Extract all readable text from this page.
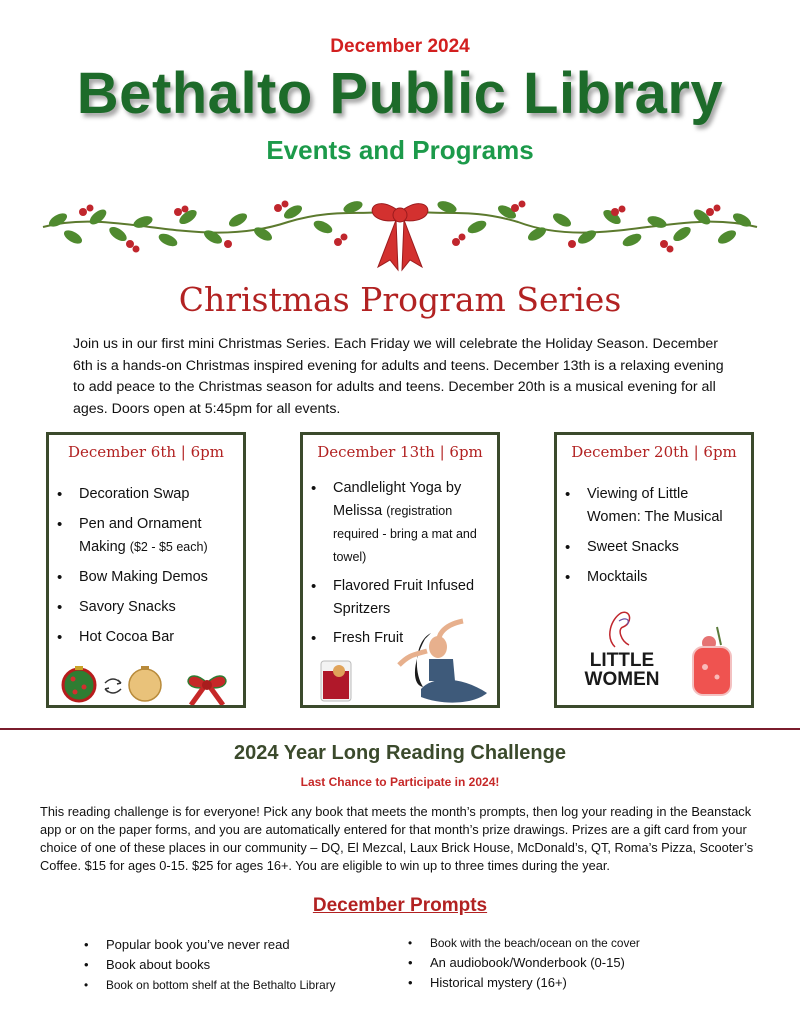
December 2024
Bethalto Public Library
Events and Programs
Christmas Program Series
Join us in our first mini Christmas Series. Each Friday we will celebrate the Holiday Season. December 6th is a hands-on Christmas inspired evening for adults and teens. December 13th is a relaxing evening to add peace to the Christmas season for adults and teens. December 20th is a musical evening for all ages. Doors open at 5:45pm for all events.
December 6th | 6pm
• Decoration Swap
• Pen and Ornament Making ($2 - $5 each)
• Bow Making Demos
• Savory Snacks
• Hot Cocoa Bar
December 13th | 6pm
• Candlelight Yoga by Melissa (registration required - bring a mat and towel)
• Flavored Fruit Infused Spritzers
• Fresh Fruit
December 20th | 6pm
• Viewing of Little Women: The Musical
• Sweet Snacks
• Mocktails
LITTLE
WOMEN
2024 Year Long Reading Challenge
Last Chance to Participate in 2024!
This reading challenge is for everyone! Pick any book that meets the month’s prompts, then log your reading in the Beanstack app or on the paper forms, and you are automatically entered for that month’s prize drawings. Prizes are a gift card from your choice of one of these places in our community – DQ, El Mezcal, Laux Brick House, McDonald’s, QT, Roma’s Pizza, Scooter’s Coffee. $15 for ages 0-15. $25 for ages 16+. You are eligible to win up to three times during the year.
December Prompts
• Popular book you’ve never read
• Book about books
• Book on bottom shelf at the Bethalto Library
• Book with the beach/ocean on the cover
• An audiobook/Wonderbook (0-15)
• Historical mystery (16+)
